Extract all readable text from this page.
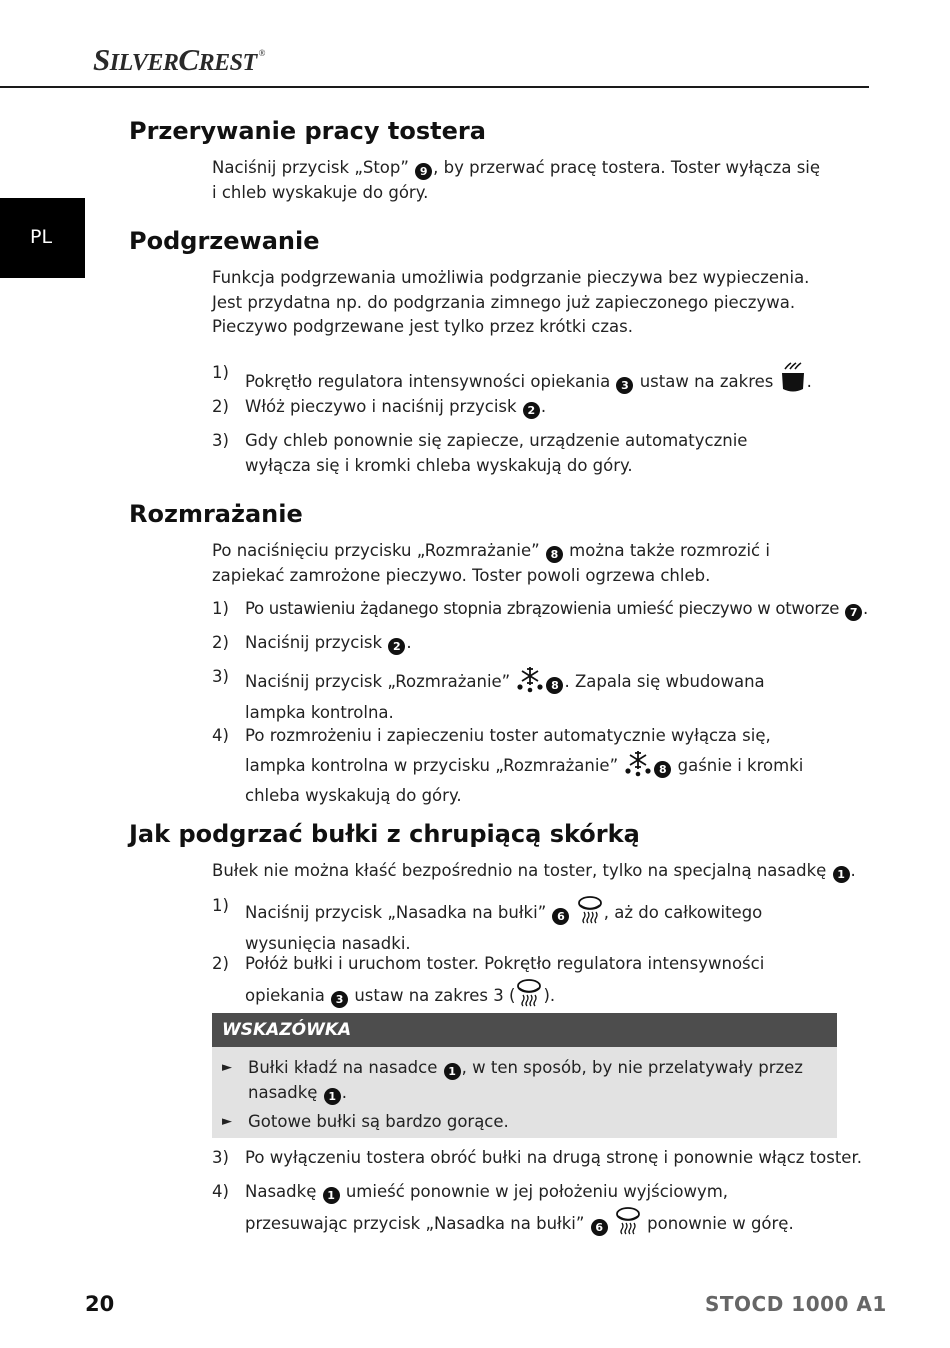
SILVERCREST ®
PL
Przerywanie pracy tostera
Naciśnij przycisk „Stop” 9 , by przerwać pracę tostera. Toster wyłącza się i chleb wyskakuje do góry.
Podgrzewanie
Funkcja podgrzewania umożliwia podgrzanie pieczywa bez wypieczenia. Jest przydatna np. do podgrzania zimnego już zapieczonego pieczywa. Pieczywo podgrzewane jest tylko przez krótki czas.
1) Pokrętło regulatora intensywności opiekania 3 ustaw na zakres .
2) Włóż pieczywo i naciśnij przycisk 2 .
3) Gdy chleb ponownie się zapiecze, urządzenie automatycznie wyłącza się i kromki chleba wyskakują do góry.
Rozmrażanie
Po naciśnięciu przycisku „Rozmrażanie” 8 można także rozmrozić i zapiekać zamrożone pieczywo. Toster powoli ogrzewa chleb.
1) Po ustawieniu żądanego stopnia zbrązowienia umieść pieczywo w otworze 7 .
2) Naciśnij przycisk 2 .
3) Naciśnij przycisk „Rozmrażanie”	8 . Zapala się wbudowana lampka kontrolna.
4) Po rozmrożeniu i zapieczeniu toster automatycznie wyłącza się, lampka kontrolna w przycisku „Rozmrażanie”	8 gaśnie i kromki chleba wyskakują do góry.
Jak podgrzać bułki z chrupiącą skórką
Bułek nie można kłaść bezpośrednio na toster, tylko na specjalną nasadkę 1 .
1) Naciśnij przycisk „Nasadka na bułki” 6 , aż do całkowitego wysunięcia nasadki.
2) Połóż bułki i uruchom toster. Pokrętło regulatora intensywności opiekania 3 ustaw na zakres 3 ( ).
WSKAZÓWKA
► Bułki kładź na nasadce 1 , w ten sposób, by nie przelatywały przez nasadkę 1 .
► Gotowe bułki są bardzo gorące.
3) Po wyłączeniu tostera obróć bułki na drugą stronę i ponownie włącz toster.
4) Nasadkę 1 umieść ponownie w jej położeniu wyjściowym, przesuwając przycisk „Nasadka na bułki” 6  ponownie w górę.
20	STOCD 1000 A1
